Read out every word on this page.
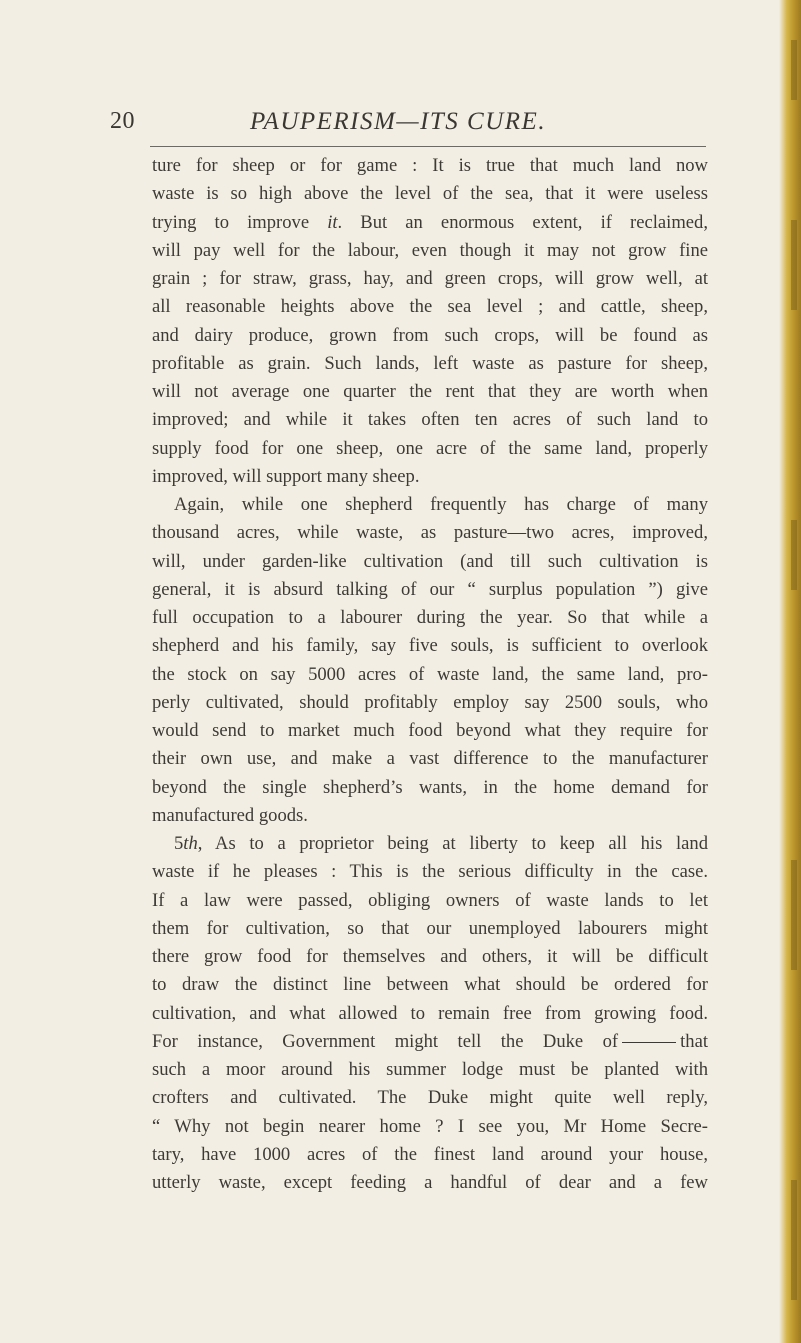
20	PAUPERISM—ITS CURE.
ture for sheep or for game : It is true that much land now
waste is so high above the level of the sea, that it were useless
trying to improve it. But an enormous extent, if reclaimed,
will pay well for the labour, even though it may not grow fine
grain ; for straw, grass, hay, and green crops, will grow well, at
all reasonable heights above the sea level ; and cattle, sheep,
and dairy produce, grown from such crops, will be found as
profitable as grain. Such lands, left waste as pasture for sheep,
will not average one quarter the rent that they are worth when
improved; and while it takes often ten acres of such land to
supply food for one sheep, one acre of the same land, properly
improved, will support many sheep.
Again, while one shepherd frequently has charge of many
thousand acres, while waste, as pasture—two acres, improved,
will, under garden-like cultivation (and till such cultivation is
general, it is absurd talking of our “ surplus population ”) give
full occupation to a labourer during the year. So that while a
shepherd and his family, say five souls, is sufficient to overlook
the stock on say 5000 acres of waste land, the same land, pro-
perly cultivated, should profitably employ say 2500 souls, who
would send to market much food beyond what they require for
their own use, and make a vast difference to the manufacturer
beyond the single shepherd’s wants, in the home demand for
manufactured goods.
5th, As to a proprietor being at liberty to keep all his land
waste if he pleases : This is the serious difficulty in the case.
If a law were passed, obliging owners of waste lands to let
them for cultivation, so that our unemployed labourers might
there grow food for themselves and others, it will be difficult
to draw the distinct line between what should be ordered for
cultivation, and what allowed to remain free from growing food.
For instance, Government might tell the Duke of	that
such a moor around his summer lodge must be planted with
crofters and cultivated. The Duke might quite well reply,
“ Why not begin nearer home ? I see you, Mr Home Secre-
tary, have 1000 acres of the finest land around your house,
utterly waste, except feeding a handful of dear and a few
